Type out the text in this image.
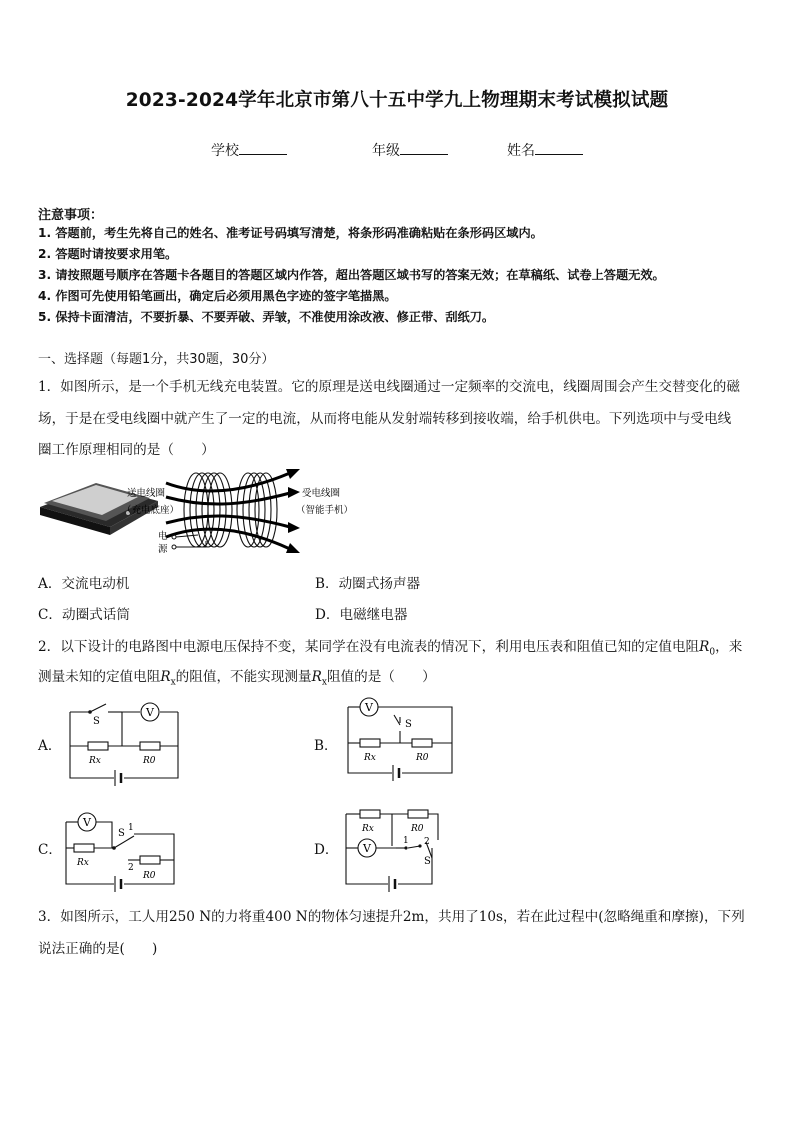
2023-2024学年北京市第八十五中学九上物理期末考试模拟试题
学校	年级	姓名
注意事项：
1. 答题前，考生先将自己的姓名、准考证号码填写清楚，将条形码准确粘贴在条形码区域内。
2. 答题时请按要求用笔。
3. 请按照题号顺序在答题卡各题目的答题区域内作答，超出答题区域书写的答案无效；在草稿纸、试卷上答题无效。
4. 作图可先使用铅笔画出，确定后必须用黑色字迹的签字笔描黑。
5. 保持卡面清洁，不要折暴、不要弄破、弄皱，不准使用涂改液、修正带、刮纸刀。
一、选择题（每题1分，共30题，30分）
1．如图所示，是一个手机无线充电装置。它的原理是送电线圈通过一定频率的交流电，线圈周围会产生交替变化的磁
场，于是在受电线圈中就产生了一定的电流，从而将电能从发射端转移到接收端，给手机供电。下列选项中与受电线
圈工作原理相同的是（　　）
送电线圈
（充电底座）
受电线圈
（智能手机）
电
源
A．交流电动机	B．动圈式扬声器
C．动圈式话筒	D．电磁继电器
2．以下设计的电路图中电源电压保持不变，某同学在没有电流表的情况下，利用电压表和阻值已知的定值电阻$R_0$，来
测量未知的定值电阻$R_x$的阻值，不能实现测量$R_x$阻值的是（　　）
A．	B．
C．	D．
V
S
Rx	R0
V
S
Rx	R0
V
S 1
2
Rx
R0
V
S
1 2
Rx	R0
3．如图所示，工人用250 N的力将重400 N的物体匀速提升2m，共用了10s，若在此过程中(忽略绳重和摩擦)，下列
说法正确的是(　　)
